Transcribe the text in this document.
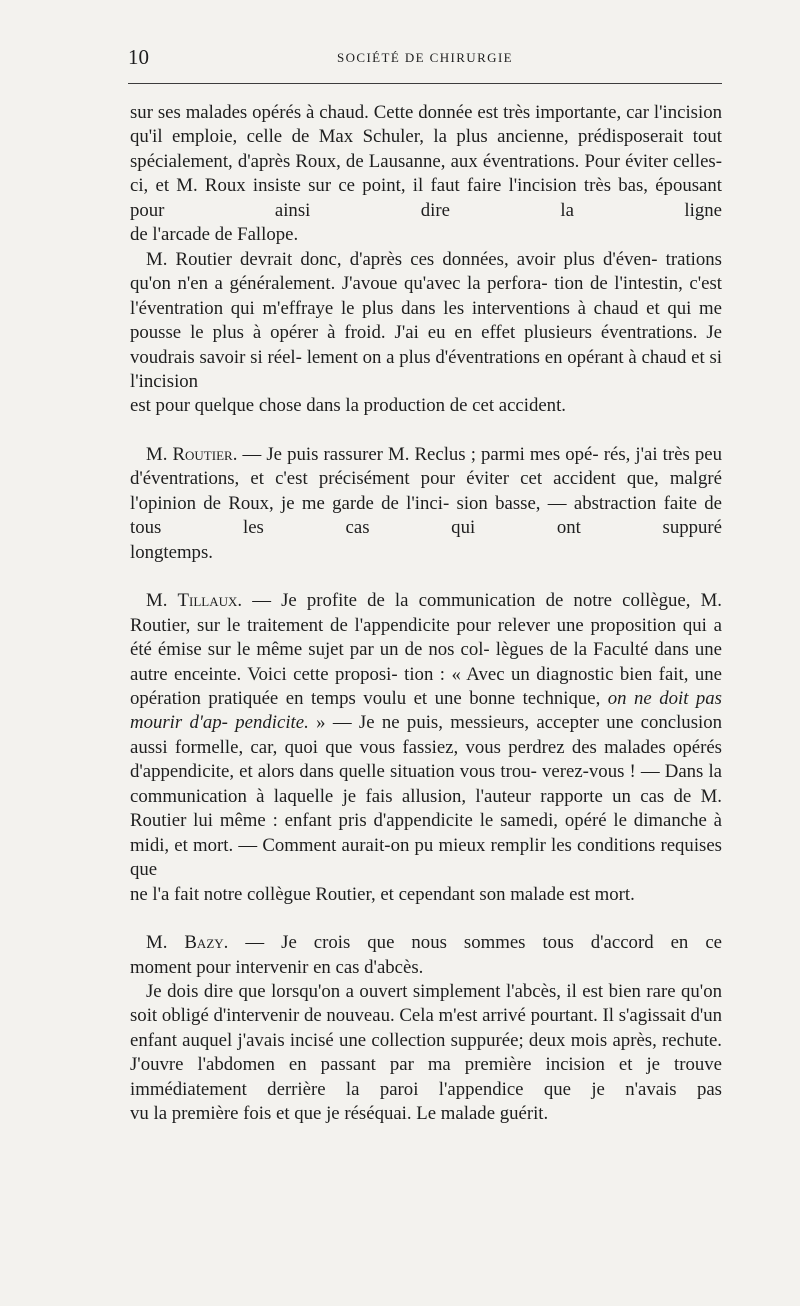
10	SOCIÉTÉ DE CHIRURGIE

sur ses malades opérés à chaud. Cette donnée est très importante, car l'incision qu'il emploie, celle de Max Schuler, la plus ancienne, prédisposerait tout spécialement, d'après Roux, de Lausanne, aux éventrations. Pour éviter celles-ci, et M. Roux insiste sur ce point, il faut faire l'incision très bas, épousant pour ainsi dire la ligne

de l'arcade de Fallope.

M. Routier devrait donc, d'après ces données, avoir plus d'éven- trations qu'on n'en a généralement. J'avoue qu'avec la perfora- tion de l'intestin, c'est l'éventration qui m'effraye le plus dans les interventions à chaud et qui me pousse le plus à opérer à froid. J'ai eu en effet plusieurs éventrations. Je voudrais savoir si réel- lement on a plus d'éventrations en opérant à chaud et si l'incision

est pour quelque chose dans la production de cet accident.

M. Routier. — Je puis rassurer M. Reclus ; parmi mes opé- rés, j'ai très peu d'éventrations, et c'est précisément pour éviter cet accident que, malgré l'opinion de Roux, je me garde de l'inci- sion basse, — abstraction faite de tous les cas qui ont suppuré

longtemps.

M. Tillaux. — Je profite de la communication de notre collègue, M. Routier, sur le traitement de l'appendicite pour relever une proposition qui a été émise sur le même sujet par un de nos col- lègues de la Faculté dans une autre enceinte. Voici cette proposi- tion : « Avec un diagnostic bien fait, une opération pratiquée en temps voulu et une bonne technique, on ne doit pas mourir d'ap- pendicite. » — Je ne puis, messieurs, accepter une conclusion aussi formelle, car, quoi que vous fassiez, vous perdrez des malades opérés d'appendicite, et alors dans quelle situation vous trou- verez-vous ! — Dans la communication à laquelle je fais allusion, l'auteur rapporte un cas de M. Routier lui même : enfant pris d'appendicite le samedi, opéré le dimanche à midi, et mort. — Comment aurait-on pu mieux remplir les conditions requises que

ne l'a fait notre collègue Routier, et cependant son malade est mort.

M. Bazy. — Je crois que nous sommes tous d'accord en ce

moment pour intervenir en cas d'abcès.

Je dois dire que lorsqu'on a ouvert simplement l'abcès, il est bien rare qu'on soit obligé d'intervenir de nouveau. Cela m'est arrivé pourtant. Il s'agissait d'un enfant auquel j'avais incisé une collection suppurée; deux mois après, rechute. J'ouvre l'abdomen en passant par ma première incision et je trouve immédiatement derrière la paroi l'appendice que je n'avais pas

vu la première fois et que je réséquai. Le malade guérit.
